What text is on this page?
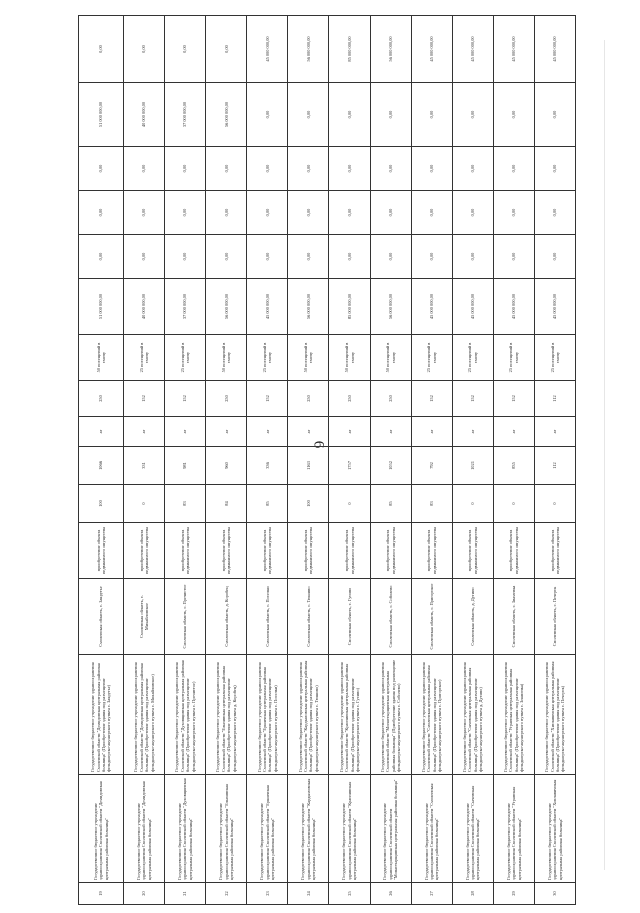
6
19	Государственное бюджетное учреждение здравоохранения Смоленской области "Демидовская центральная районная больница"	Государственное бюджетное учреждение здравоохранения Смоленской области "Демидовская центральная районная больница" (Приобретение здания под размещение фельдшерско-акушерского пункта с. Закрутье)	Смоленская область, с. Закрутье	приобретение объекта недвижимого имущества	100	1066	аг	250	50 посещений в смену	51 000 000,00	0,00	0,00	0,00	51 000 000,00	0,00
20	Государственное бюджетное учреждение здравоохранения Смоленской области "Демидовская центральная районная больница"	Государственное бюджетное учреждение здравоохранения Смоленской области "Демидовская центральная районная больница" (Приобретение здания под размещение фельдшерско-акушерского пункта с. Михайловское)	Смоленская область, с. Михайловское	приобретение объекта недвижимого имущества	0	331	аг	152	25 посещений в смену	40 000 000,00	0,00	0,00	0,00	40 000 000,00	0,00
21	Государственное бюджетное учреждение здравоохранения Смоленской области "Духовщинская центральная районная больница"	Государственное бюджетное учреждение здравоохранения Смоленской области "Духовщинская центральная районная больница" (Приобретение здания под размещение фельдшерско-акушерского пункта с. Пречистое)	Смоленская область, с. Пречистое	приобретение объекта недвижимого имущества	83	981	аг	152	25 посещений в смену	37 000 000,00	0,00	0,00	0,00	37 000 000,00	0,00
22	Государственное бюджетное учреждение здравоохранения Смоленской области "Ельнинская центральная районная больница"	Государственное бюджетное учреждение здравоохранения Смоленской области "Ельнинская центральная районная больница" (Приобретение здания под размещение фельдшерско-акушерского пункта д. Коробец)	Смоленская область, д. Коробец	приобретение объекта недвижимого имущества	84	960	аг	250	50 посещений в смену	56 000 000,00	0,00	0,00	0,00	56 000 000,00	0,00
23	Государственное бюджетное учреждение здравоохранения Смоленской области "Ершичская центральная районная больница"	Государственное бюджетное учреждение здравоохранения Смоленской области "Ершичская центральная районная больница" (Приобретение здания под размещение фельдшерско-акушерского пункта с. Поселки)	Смоленская область, с. Поселки	приобретение объекта недвижимого имущества	85	336	аг	152	25 посещений в смену	45 000 000,00	0,00	0,00	0,00	0,00	45 000 000,00
24	Государственное бюджетное учреждение здравоохранения Смоленской области "Кардымовская центральная районная больница"	Государственное бюджетное учреждение здравоохранения Смоленской области "Кардымовская центральная районная больница" (Приобретение здания под размещение фельдшерско-акушерского пункта с. Тюшино)	Смоленская область, с. Тюшино	приобретение объекта недвижимого имущества	100	1163	аг	250	50 посещений в смену	56 000 000,00	0,00	0,00	0,00	0,00	56 000 000,00
25	Государственное бюджетное учреждение здравоохранения Смоленской области "Краснинская центральная районная больница"	Государственное бюджетное учреждение здравоохранения Смоленской области "Краснинская центральная районная больница" (Приобретение здания под размещение фельдшерско-акушерского пункта с. Гусино)	Смоленская область, с. Гусино	приобретение объекта недвижимого имущества	0	1757	аг	250	50 посещений в смену	85 000 000,00	0,00	0,00	0,00	0,00	85 000 000,00
26	Государственное бюджетное учреждение здравоохранения Смоленской области "Монастырщинская центральная районная больница"	Государственное бюджетное учреждение здравоохранения Смоленской области "Монастырщинская центральная районная больница" (Приобретение здания под размещение фельдшерско-акушерского пункта с. Соболево)	Смоленская область, с. Соболево	приобретение объекта недвижимого имущества	85	1052	аг	250	50 посещений в смену	56 000 000,00	0,00	0,00	0,00	0,00	56 000 000,00
27	Государственное бюджетное учреждение здравоохранения Смоленской области "Смоленская центральная районная больница"	Государственное бюджетное учреждение здравоохранения Смоленской области "Смоленская центральная районная больница" (Приобретение здания под размещение фельдшерско-акушерского пункта с. Пригорское)	Смоленская область, с. Пригорское	приобретение объекта недвижимого имущества	83	792	аг	152	25 посещений в смену	45 000 000,00	0,00	0,00	0,00	0,00	45 000 000,00
28	Государственное бюджетное учреждение здравоохранения Смоленской области "Сычевская центральная районная больница"	Государственное бюджетное учреждение здравоохранения Смоленской области "Сычевская центральная районная больница" (Приобретение здания под размещение фельдшерско-акушерского пункта д. Дугино)	Смоленская область, д. Дугино	приобретение объекта недвижимого имущества	0	1021	аг	152	25 посещений в смену	45 000 000,00	0,00	0,00	0,00	0,00	45 000 000,00
29	Государственное бюджетное учреждение здравоохранения Смоленской области "Угранская центральная районная больница"	Государственное бюджетное учреждение здравоохранения Смоленской области "Угранская центральная районная больница" (Приобретение здания под размещение фельдшерско-акушерского пункта с. Знаменка)	Смоленская область, с. Знаменка	приобретение объекта недвижимого имущества	0	835	аг	152	25 посещений в смену	45 000 000,00	0,00	0,00	0,00	0,00	45 000 000,00
30	Государственное бюджетное учреждение здравоохранения Смоленской области "Хиславичская центральная районная больница"	Государственное бюджетное учреждение здравоохранения Смоленской области "Хиславичская центральная районная больница" (Приобретение здания под размещение фельдшерско-акушерского пункта с. Печерск)	Смоленская область, с. Печерск	приобретение объекта недвижимого имущества	0	112	аг	112	25 посещений в смену	45 000 000,00	0,00	0,00	0,00	0,00	45 000 000,00
